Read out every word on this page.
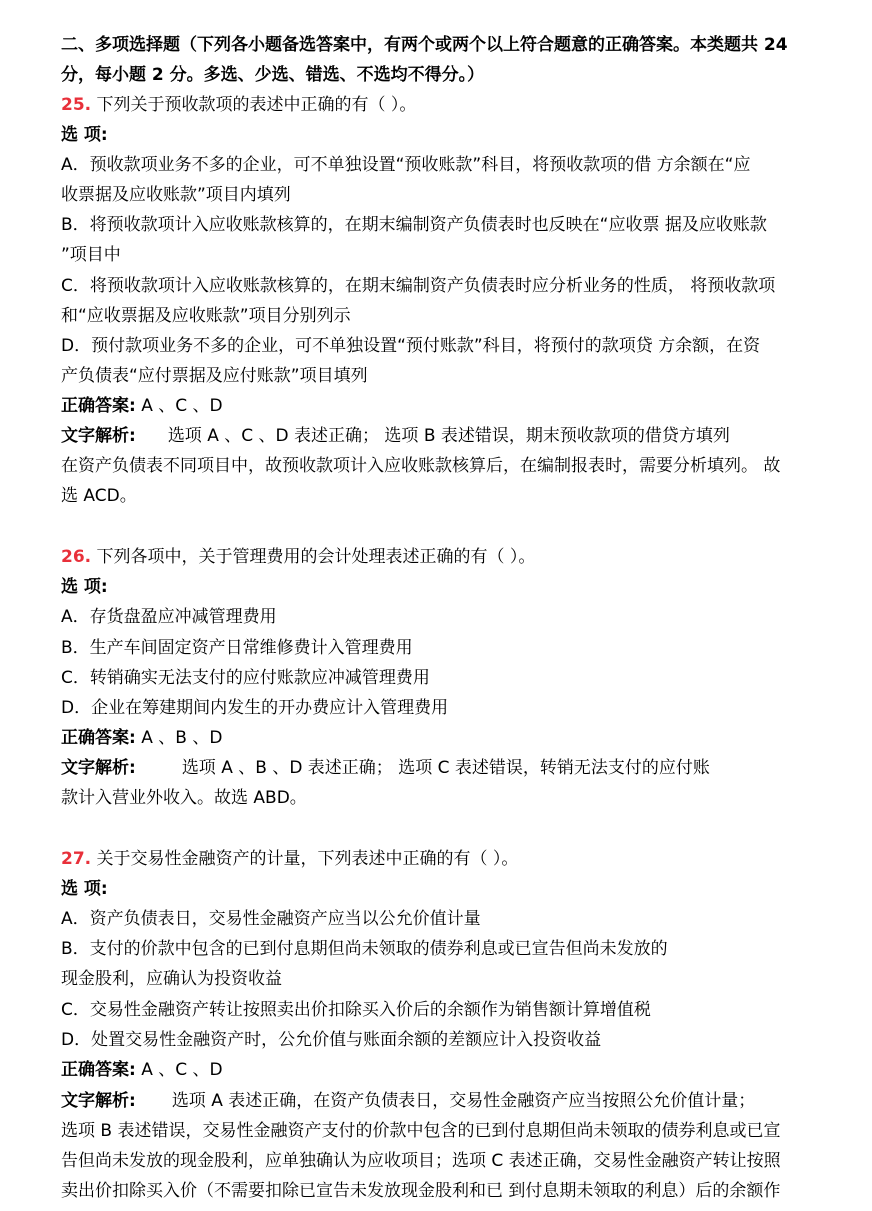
二、多项选择题（下列各小题备选答案中，有两个或两个以上符合题意的正确答案。本类题共 24
分，每小题 2 分。多选、少选、错选、不选均不得分。）
25. 下列关于预收款项的表述中正确的有（ ）。
选 项:
A．预收款项业务不多的企业，可不单独设置“预收账款”科目，将预收款项的借 方余额在“应
收票据及应收账款”项目内填列
B．将预收款项计入应收账款核算的，在期末编制资产负债表时也反映在“应收票 据及应收账款
”项目中
C．将预收款项计入应收账款核算的，在期末编制资产负债表时应分析业务的性质， 将预收款项
和“应收票据及应收账款”项目分别列示
D．预付款项业务不多的企业，可不单独设置“预付账款”科目，将预付的款项贷 方余额，在资
产负债表“应付票据及应付账款”项目填列
正确答案: A 、C 、D
文字解析: 选项 A 、C 、D 表述正确； 选项 B 表述错误，期末预收款项的借贷方填列
在资产负债表不同项目中，故预收款项计入应收账款核算后，在编制报表时，需要分析填列。 故
选 ACD。
26. 下列各项中，关于管理费用的会计处理表述正确的有（ ）。
选 项:
A．存货盘盈应冲减管理费用
B．生产车间固定资产日常维修费计入管理费用
C．转销确实无法支付的应付账款应冲减管理费用
D．企业在筹建期间内发生的开办费应计入管理费用
正确答案: A 、B 、D
文字解析:	选项 A 、B 、D 表述正确； 选项 C 表述错误，转销无法支付的应付账
款计入营业外收入。故选 ABD。
27. 关于交易性金融资产的计量，下列表述中正确的有（ ）。
选 项:
A．资产负债表日，交易性金融资产应当以公允价值计量
B．支付的价款中包含的已到付息期但尚未领取的债券利息或已宣告但尚未发放的
现金股利，应确认为投资收益
C．交易性金融资产转让按照卖出价扣除买入价后的余额作为销售额计算增值税
D．处置交易性金融资产时，公允价值与账面余额的差额应计入投资收益
正确答案: A 、C 、D
文字解析: 选项 A 表述正确，在资产负债表日，交易性金融资产应当按照公允价值计量；
选项 B 表述错误，交易性金融资产支付的价款中包含的已到付息期但尚未领取的债券利息或已宣
告但尚未发放的现金股利，应单独确认为应收项目；选项 C 表述正确，交易性金融资产转让按照
卖出价扣除买入价（不需要扣除已宣告未发放现金股利和已 到付息期未领取的利息）后的余额作
